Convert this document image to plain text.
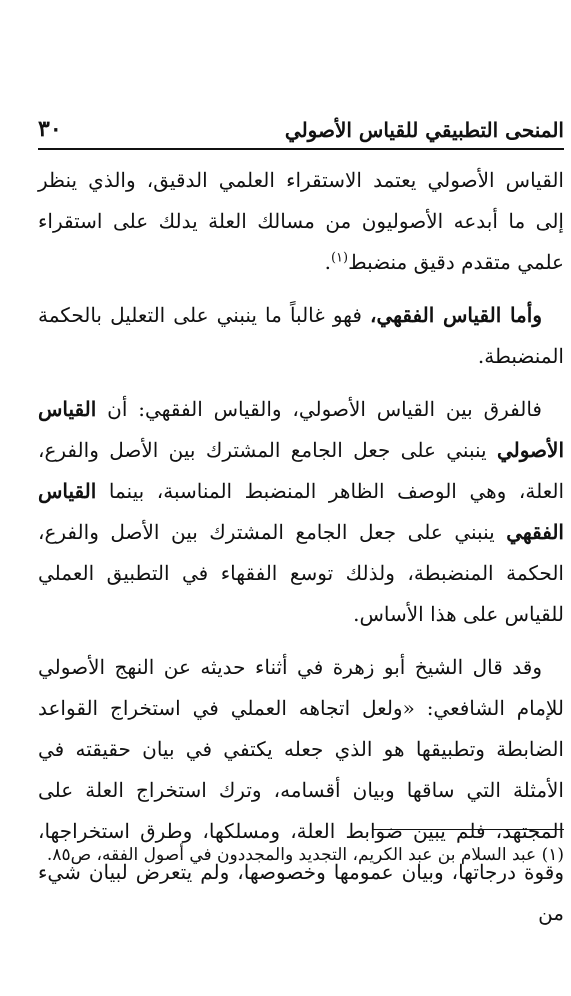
المنحى التطبيقي للقياس الأصولي
٣٠

القياس الأصولي يعتمد الاستقراء العلمي الدقيق، والذي ينظر إلى ما أبدعه الأصوليون من مسالك العلة يدلك على استقراء علمي متقدم دقيق منضبط$^{(١)}$.

وأما القياس الفقهي، فهو غالباً ما ينبني على التعليل بالحكمة المنضبطة.

فالفرق بين القياس الأصولي، والقياس الفقهي: أن القياس الأصولي ينبني على جعل الجامع المشترك بين الأصل والفرع، العلة، وهي الوصف الظاهر المنضبط المناسبة، بينما القياس الفقهي ينبني على جعل الجامع المشترك بين الأصل والفرع، الحكمة المنضبطة، ولذلك توسع الفقهاء في التطبيق العملي للقياس على هذا الأساس.

وقد قال الشيخ أبو زهرة في أثناء حديثه عن النهج الأصولي للإمام الشافعي: «ولعل اتجاهه العملي في استخراج القواعد الضابطة وتطبيقها هو الذي جعله يكتفي في بيان حقيقته في الأمثلة التي ساقها وبيان أقسامه، وترك استخراج العلة على المجتهد، فلم يبين ضوابط العلة، ومسلكها، وطرق استخراجها، وقوة درجاتها، وبيان عمومها وخصوصها، ولم يتعرض لبيان شيء من

(١) عبد السلام بن عبد الكريم، التجديد والمجددون في أصول الفقه، ص٨٥.
